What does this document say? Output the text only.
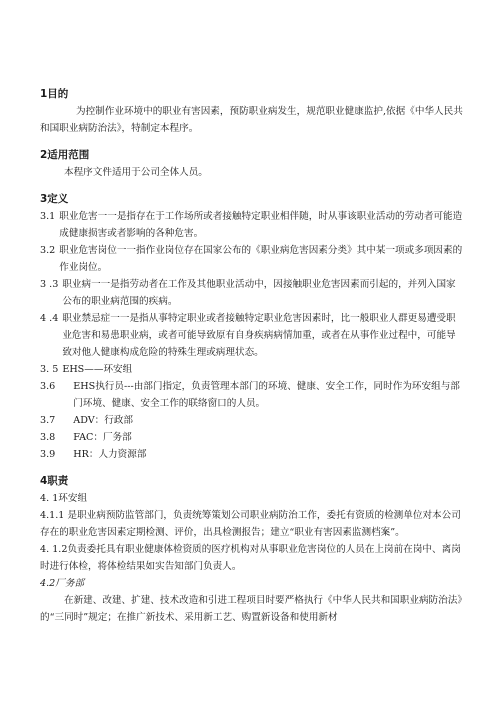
1目的

为控制作业环境中的职业有害因素，预防职业病发生，规范职业健康监护,依据《中华人民共和国职业病防治法》，特制定本程序。

2适用范围

本程序文件适用于公司全体人员。

3定义

3.1 职业危害一一是指存在于工作场所或者接触特定职业相伴随，时从事该职业活动的劳动者可能造成健康损害或者影响的各种危害。
3.2 职业危害岗位一一指作业岗位存在国家公布的《职业病危害因素分类》其中某一项或多项因素的作业岗位。
3 .3 职业病一一是指劳动者在工作及其他职业活动中，因接触职业危害因素而引起的，并列入国家公布的职业病范围的疾病。
4 .4 职业禁忌症一一是指从事特定职业或者接触特定职业危害因素时，比一般职业人群更易遭受职业危害和易患职业病，或者可能导致原有自身疾病病情加重，或者在从事作业过程中，可能导致对他人健康构成危险的特殊生理或病理状态。
3. 5 EHS——环安组
3.6 EHS执行员---由部门指定，负责管理本部门的环境、健康、安全工作，同时作为环安组与部门环境、健康、安全工作的联络窗口的人员。
3.7 ADV：行政部
3.8 FAC：厂务部
3.9 HR：人力资源部

4职责

4. 1环安组

4.1.1 是职业病预防监管部门，负责统筹策划公司职业病防治工作，委托有资质的检测单位对本公司存在的职业危害因素定期检测、评价，出具检测报告；建立“职业有害因素监测档案”。

4. 1.2负责委托具有职业健康体检资质的医疗机构对从事职业危害岗位的人员在上岗前在岗中、离岗时进行体检，将体检结果如实告知部门负责人。

4.2厂务部

在新建、改建、扩建、技术改造和引进工程项目时要严格执行《中华人民共和国职业病防治法》的“三同时”规定；在推广新技术、采用新工艺、购置新设备和使用新材
